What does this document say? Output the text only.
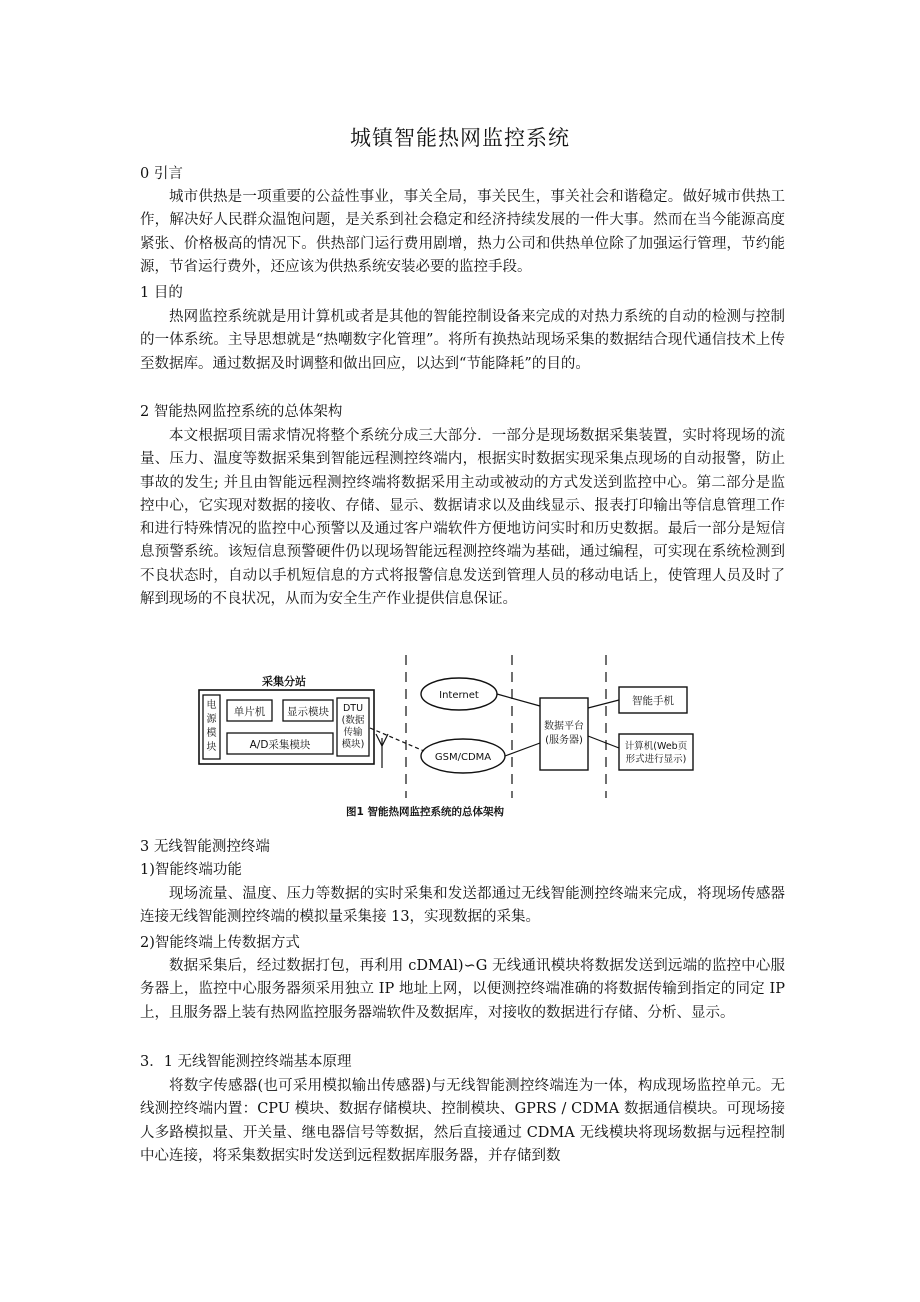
城镇智能热网监控系统
0 引言
城市供热是一项重要的公益性事业，事关全局，事关民生，事关社会和谐稳定。做好城市供热工作，解决好人民群众温饱问题，是关系到社会稳定和经济持续发展的一件大事。然而在当今能源高度紧张、价格极高的情况下。供热部门运行费用剧增，热力公司和供热单位除了加强运行管理，节约能源，节省运行费外，还应该为供热系统安装必要的监控手段。
1 目的
热网监控系统就是用计算机或者是其他的智能控制设备来完成的对热力系统的自动的检测与控制的一体系统。主导思想就是“热嘲数字化管理”。将所有换热站现场采集的数据结合现代通信技术上传至数据库。通过数据及时调整和做出回应，以达到“节能降耗”的目的。
2 智能热网监控系统的总体架构
本文根据项目需求情况将整个系统分成三大部分．一部分是现场数据采集装置，实时将现场的流量、压力、温度等数据采集到智能远程测控终端内，根据实时数据实现采集点现场的自动报警，防止事故的发生; 并且由智能远程测控终端将数据采用主动或被动的方式发送到监控中心。第二部分是监控中心，它实现对数据的接收、存储、显示、数据请求以及曲线显示、报表打印输出等信息管理工作和进行特殊情况的监控中心预警以及通过客户端软件方便地访问实时和历史数据。最后一部分是短信息预警系统。该短信息预警硬件仍以现场智能远程测控终端为基础，通过编程，可实现在系统检测到不良状态时，自动以手机短信息的方式将报警信息发送到管理人员的移动电话上，使管理人员及时了解到现场的不良状况，从而为安全生产作业提供信息保证。
采集分站
电
源
模
块
单片机 显示模块
A/D采集模块
DTU
(数据
传输
模块)
Internet
GSM/CDMA
数据平台
(服务器)
智能手机
计算机(Web页
形式进行显示)
图1 智能热网监控系统的总体架构
3 无线智能测控终端
1)智能终端功能
现场流量、温度、压力等数据的实时采集和发送都通过无线智能测控终端来完成，将现场传感器连接无线智能测控终端的模拟量采集接 13，实现数据的采集。
2)智能终端上传数据方式
数据采集后，经过数据打包，再利用 cDMAl)∽G 无线通讯模块将数据发送到远端的监控中心服务器上，监控中心服务器须采用独立 IP 地址上网，以便测控终端准确的将数据传输到指定的同定 IP 上，且服务器上装有热网监控服务器端软件及数据库，对接收的数据进行存储、分析、显示。
3．1 无线智能测控终端基本原理
将数字传感器(也可采用模拟输出传感器)与无线智能测控终端连为一体，构成现场监控单元。无线测控终端内置：CPU 模块、数据存储模块、控制模块、GPRS / CDMA 数据通信模块。可现场接人多路模拟量、开关量、继电器信号等数据，然后直接通过 CDMA 无线模块将现场数据与远程控制中心连接，将采集数据实时发送到远程数据库服务器，并存储到数
